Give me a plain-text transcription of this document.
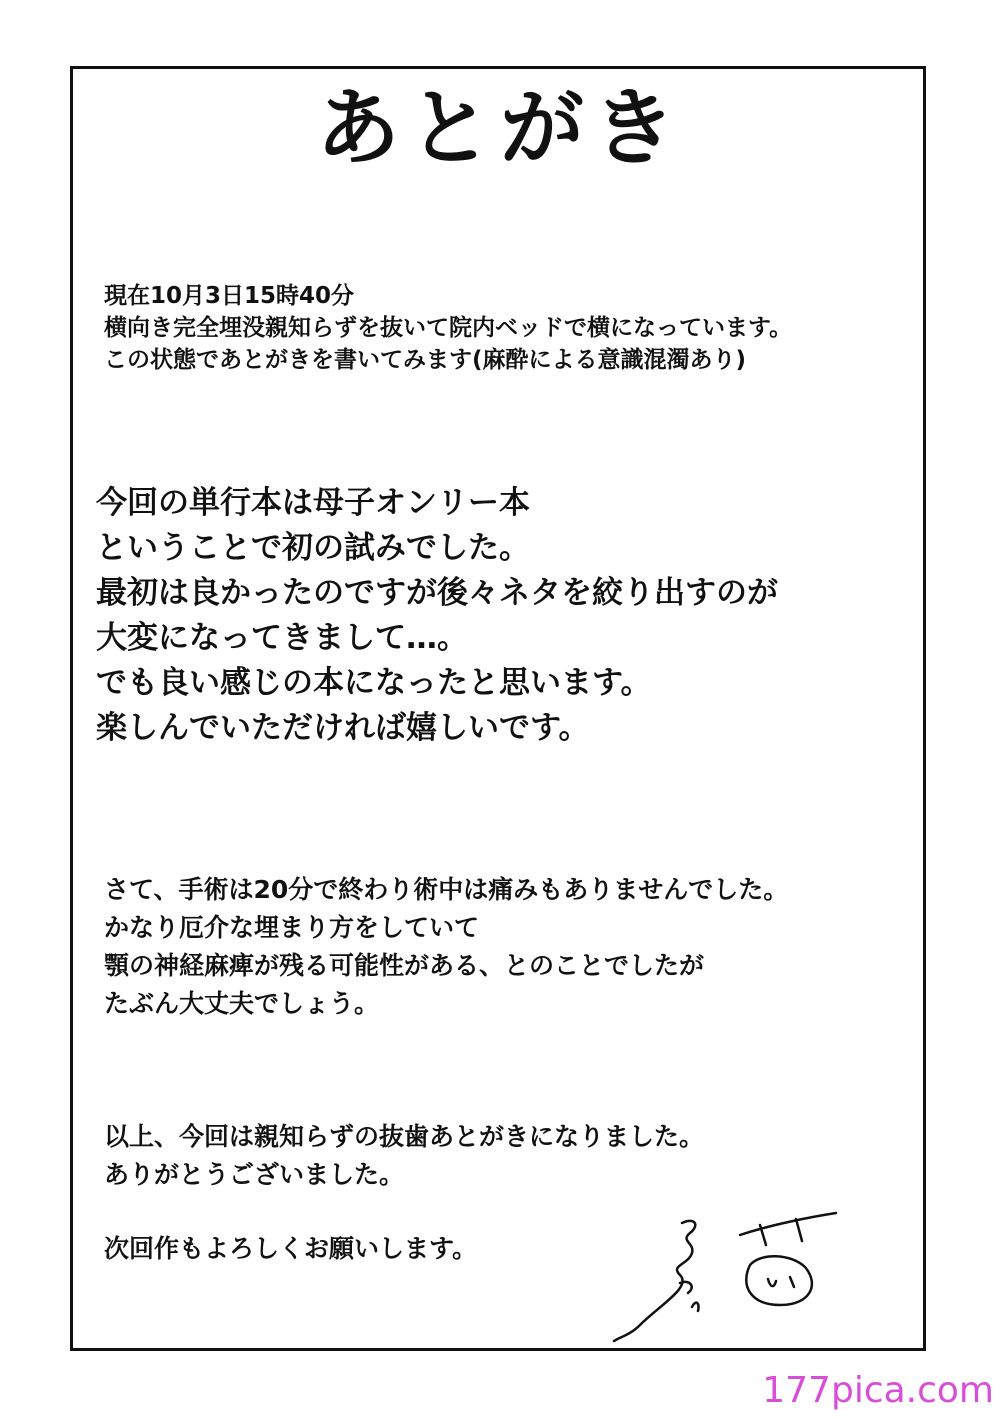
あとがき
現在10月3日15時40分
横向き完全埋没親知らずを抜いて院内ベッドで横になっています。
この状態であとがきを書いてみます(麻酔による意識混濁あり)
今回の単行本は母子オンリー本
ということで初の試みでした。
最初は良かったのですが後々ネタを絞り出すのが
大変になってきまして…。
でも良い感じの本になったと思います。
楽しんでいただければ嬉しいです。
さて、手術は20分で終わり術中は痛みもありませんでした。
かなり厄介な埋まり方をしていて
顎の神経麻痺が残る可能性がある、とのことでしたが
たぶん大丈夫でしょう。
以上、今回は親知らずの抜歯あとがきになりました。
ありがとうございました。
次回作もよろしくお願いします。
177pica.com
